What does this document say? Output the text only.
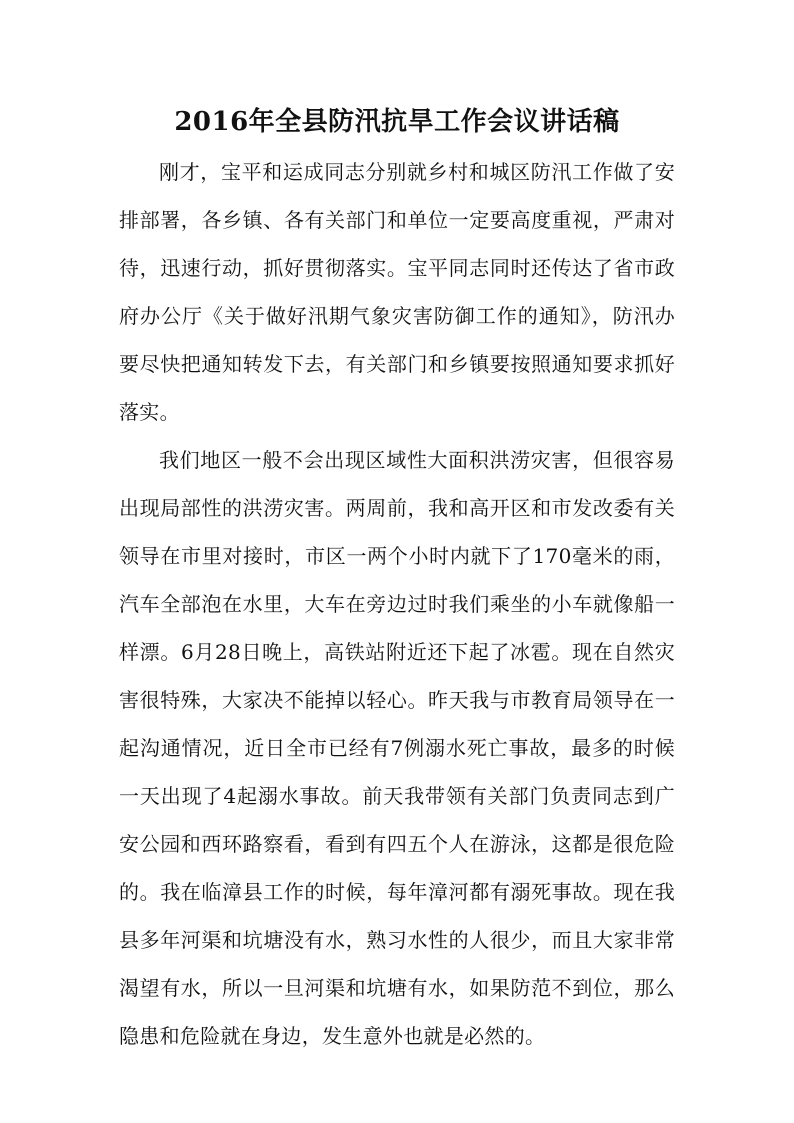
2016年全县防汛抗旱工作会议讲话稿

刚才，宝平和运成同志分别就乡村和城区防汛工作做了安排部署，各乡镇、各有关部门和单位一定要高度重视，严肃对待，迅速行动，抓好贯彻落实。宝平同志同时还传达了省市政府办公厅《关于做好汛期气象灾害防御工作的通知》，防汛办要尽快把通知转发下去，有关部门和乡镇要按照通知要求抓好落实。

我们地区一般不会出现区域性大面积洪涝灾害，但很容易出现局部性的洪涝灾害。两周前，我和高开区和市发改委有关领导在市里对接时，市区一两个小时内就下了170毫米的雨，汽车全部泡在水里，大车在旁边过时我们乘坐的小车就像船一样漂。6月28日晚上，高铁站附近还下起了冰雹。现在自然灾害很特殊，大家决不能掉以轻心。昨天我与市教育局领导在一起沟通情况，近日全市已经有7例溺水死亡事故，最多的时候一天出现了4起溺水事故。前天我带领有关部门负责同志到广安公园和西环路察看，看到有四五个人在游泳，这都是很危险的。我在临漳县工作的时候，每年漳河都有溺死事故。现在我县多年河渠和坑塘没有水，熟习水性的人很少，而且大家非常渴望有水，所以一旦河渠和坑塘有水，如果防范不到位，那么隐患和危险就在身边，发生意外也就是必然的。
